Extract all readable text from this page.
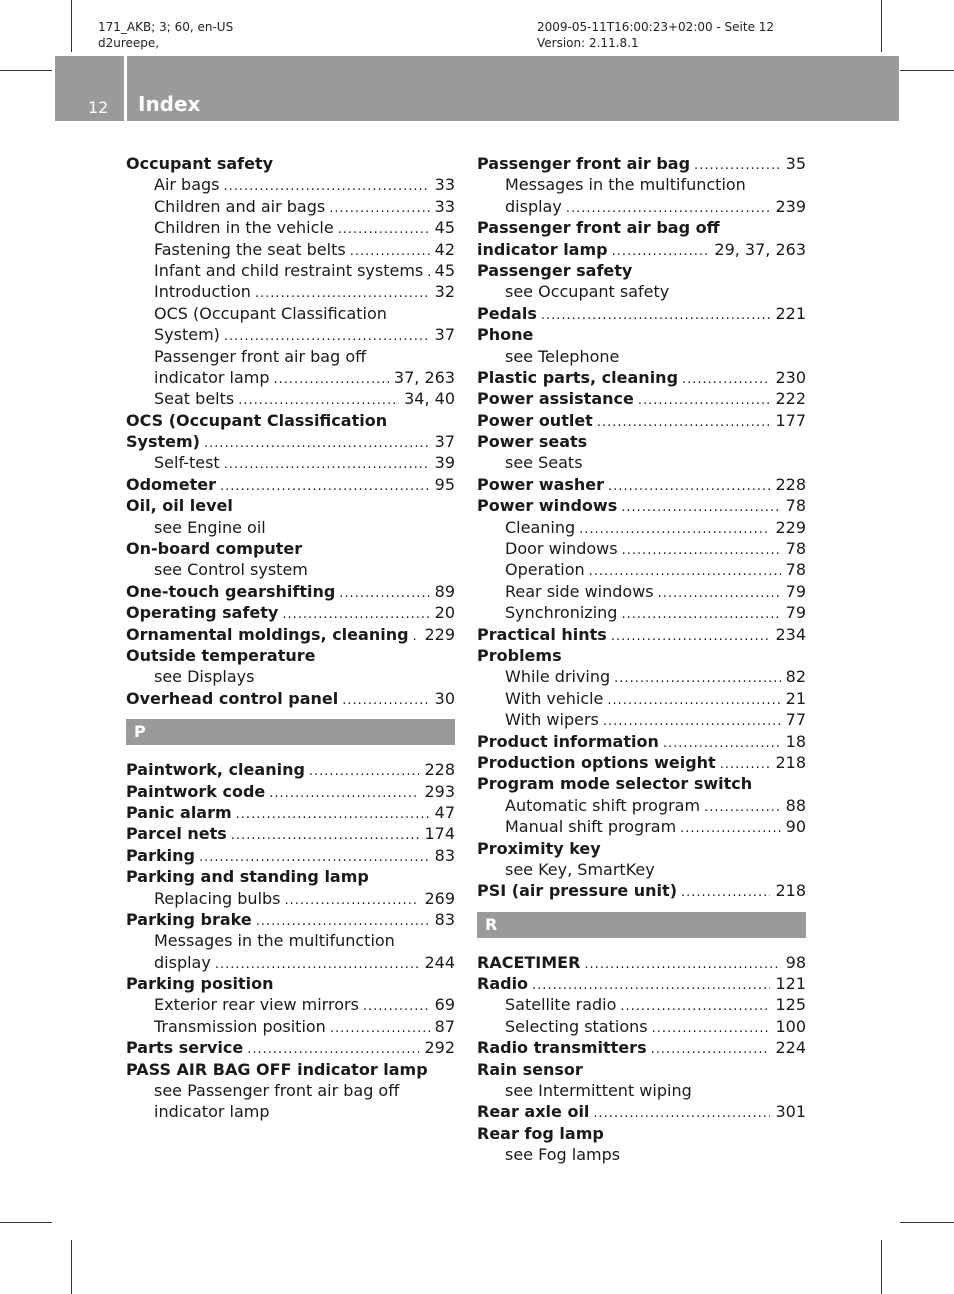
171_AKB; 3; 60, en-US
d2ureepe,
2009-05-11T16:00:23+02:00 - Seite 12
Version: 2.11.8.1
12 Index
Occupant safety
Air bags .....	33
Children and air bags .....	33
Children in the vehicle .....	45
Fastening the seat belts .....	42
Infant and child restraint systems ..... 45
Introduction .....	32
OCS (Occupant Classification
System) .....	37
Passenger front air bag off
indicator lamp .....	37, 263
Seat belts .....	34, 40
OCS (Occupant Classification
System) .....	37
Self-test .....	39
Odometer .....	95
Oil, oil level
see Engine oil
On-board computer
see Control system
One-touch gearshifting .....	89
Operating safety .....	20
Ornamental moldings, cleaning ..... 229
Outside temperature
see Displays
Overhead control panel .....	30
P
Paintwork, cleaning .....	228
Paintwork code .....	293
Panic alarm .....	47
Parcel nets .....	174
Parking .....	83
Parking and standing lamp
Replacing bulbs .....	269
Parking brake .....	83
Messages in the multifunction
display .....	244
Parking position
Exterior rear view mirrors .....	69
Transmission position .....	87
Parts service .....	292
PASS AIR BAG OFF indicator lamp
see Passenger front air bag off
indicator lamp
Passenger front air bag .....	35
Messages in the multifunction
display .....	239
Passenger front air bag off
indicator lamp .....	29, 37, 263
Passenger safety
see Occupant safety
Pedals .....	221
Phone
see Telephone
Plastic parts, cleaning .....	230
Power assistance .....	222
Power outlet .....	177
Power seats
see Seats
Power washer .....	228
Power windows .....	78
Cleaning .....	229
Door windows .....	78
Operation .....	78
Rear side windows .....	79
Synchronizing .....	79
Practical hints .....	234
Problems
While driving .....	82
With vehicle .....	21
With wipers .....	77
Product information .....	18
Production options weight .....	218
Program mode selector switch
Automatic shift program .....	88
Manual shift program .....	90
Proximity key
see Key, SmartKey
PSI (air pressure unit) .....	218
R
RACETIMER .....	98
Radio .....	121
Satellite radio .....	125
Selecting stations .....	100
Radio transmitters .....	224
Rain sensor
see Intermittent wiping
Rear axle oil .....	301
Rear fog lamp
see Fog lamps
